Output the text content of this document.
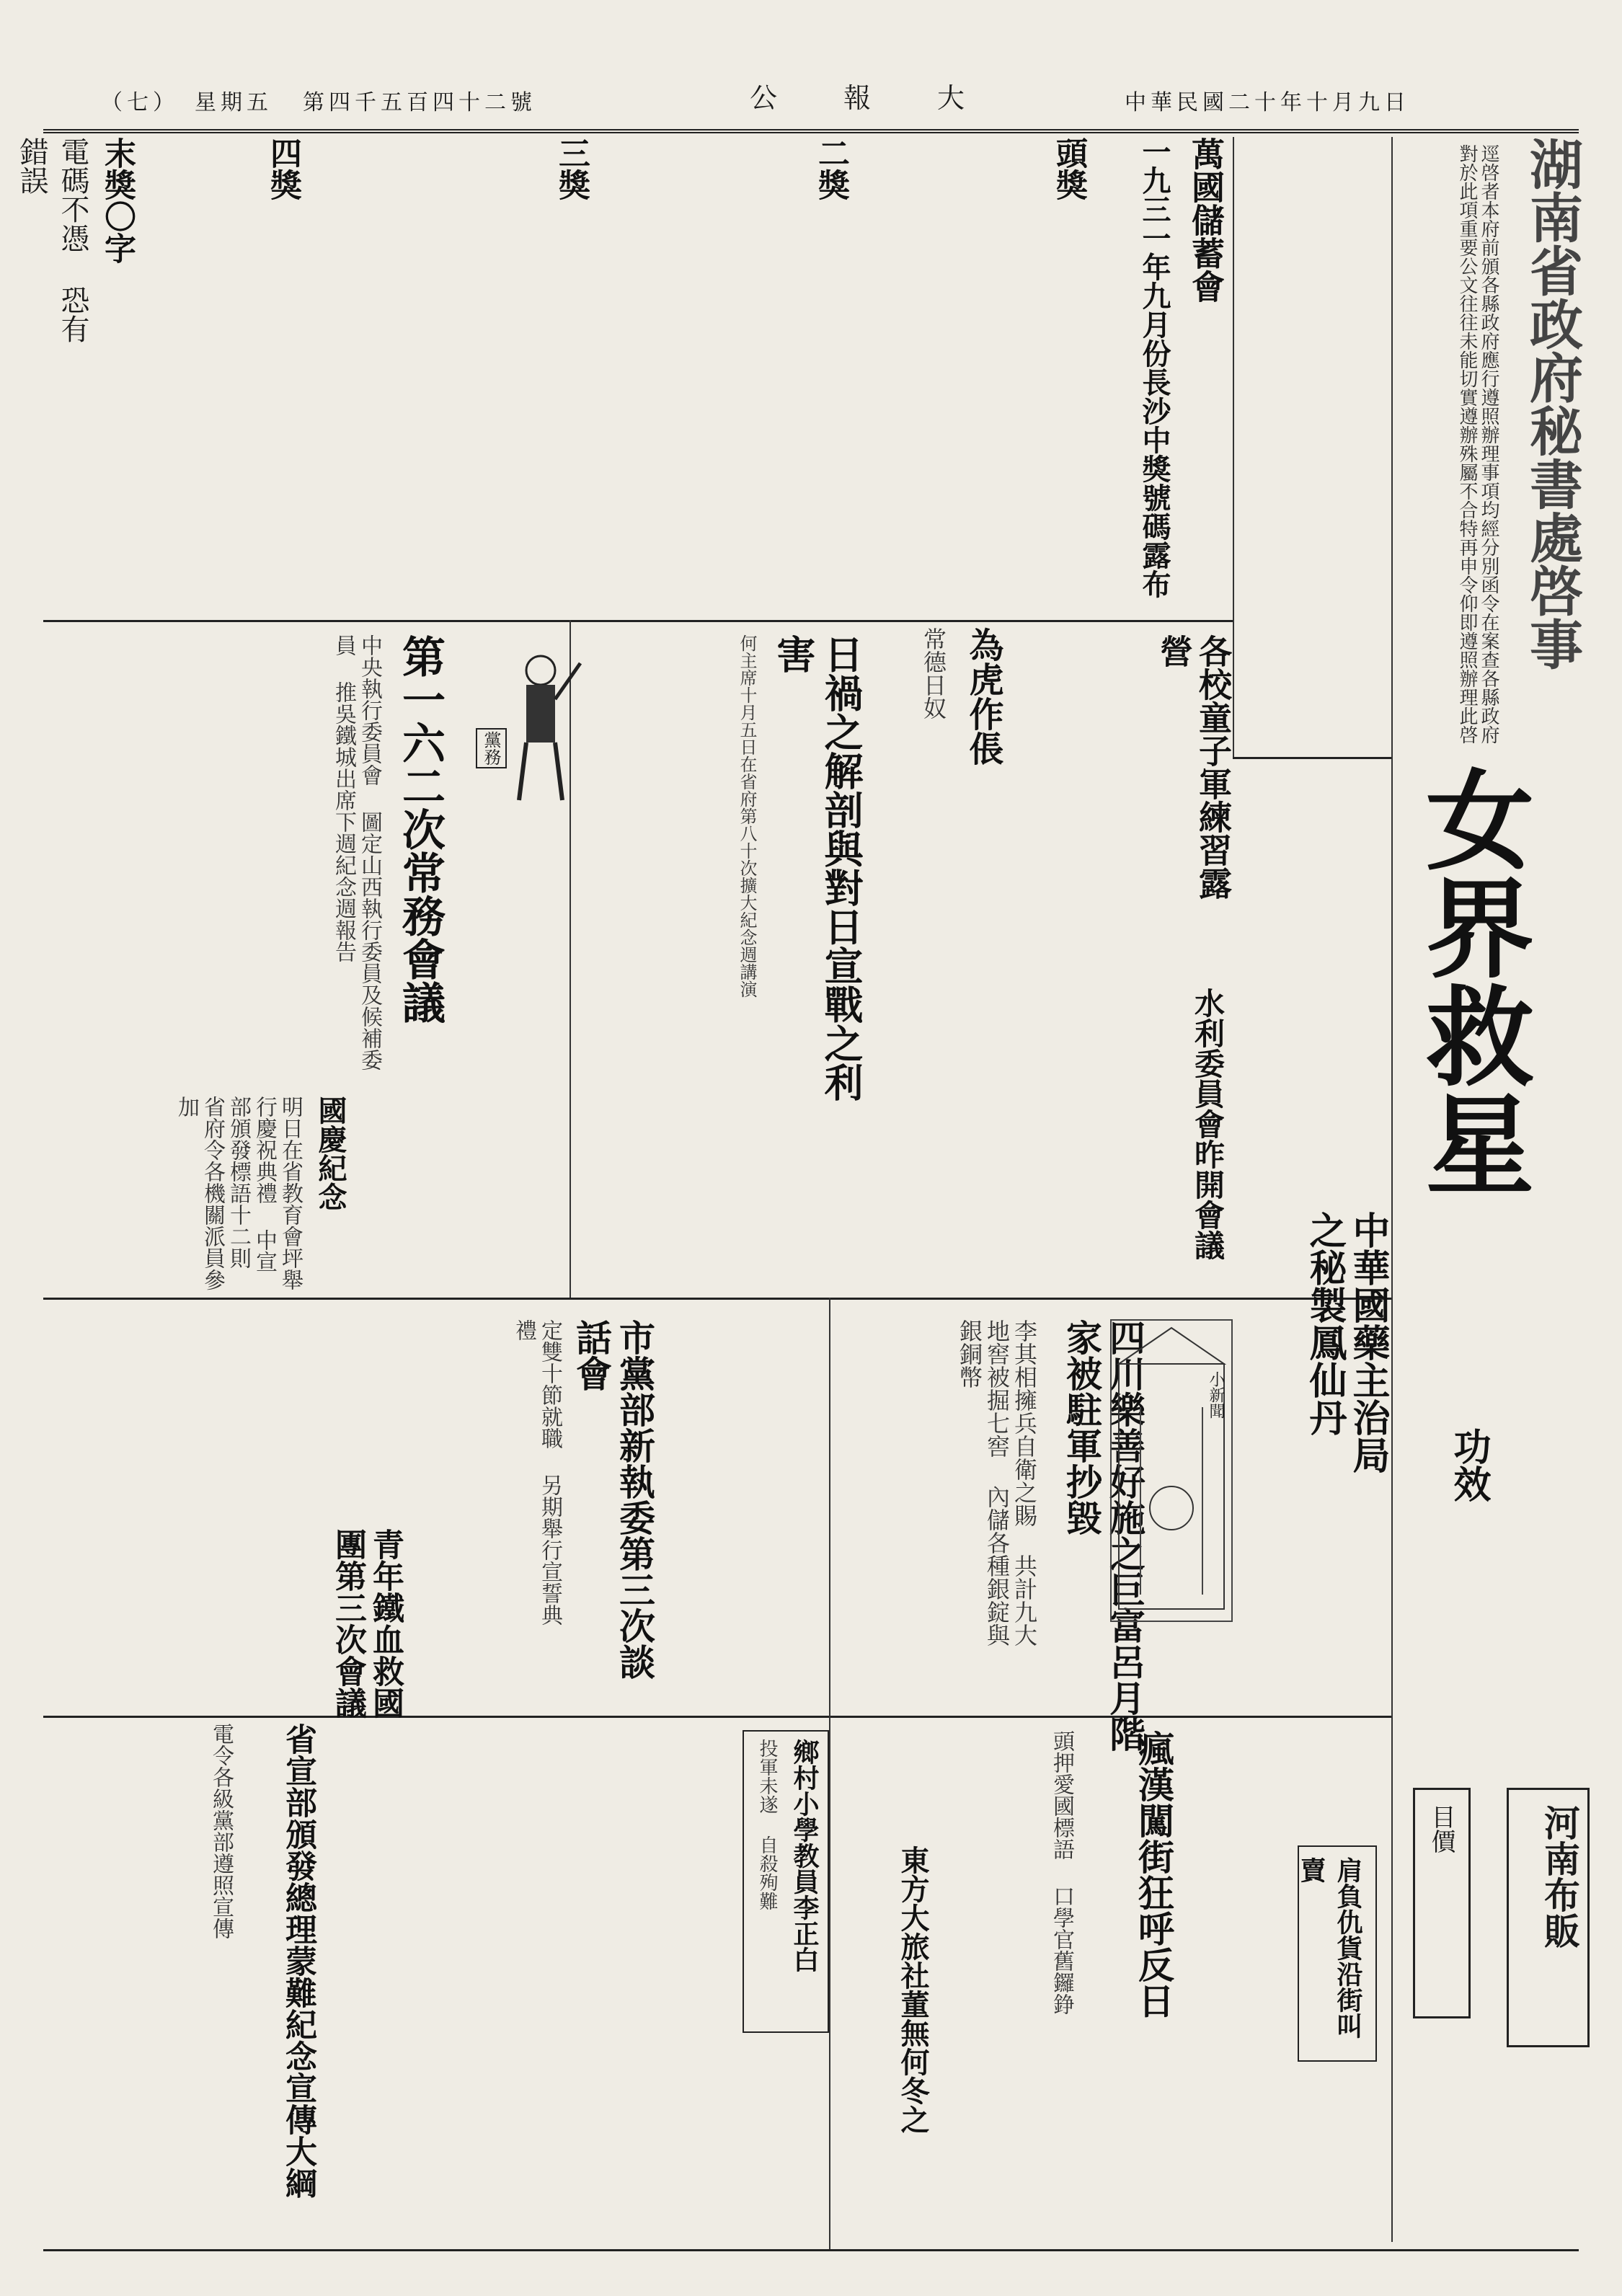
中華民國二十年十月九日
大
公 報
第四千五百四十二號
星期五
（七）
湖南省政府秘書處啓事
逕啓者本府前頒各縣政府應行遵照辦理事項均經分別函令在案查各縣政府對於此項重要公文往往未能切實遵辦殊屬不合特再申令仰即遵照辦理此啓
萬國儲蓄會
一九三一年九月份長沙中獎號碼露布
頭獎
二獎
三獎
四獎
末獎〇字
電碼不憑 恐有錯誤
日禍之解剖與對日宣戰之利害
何主席十月五日在省府第八十次擴大紀念週講演
第一六二次常務會議
中央執行委員會 圖定山西執行委員及候補委員 推吳鐵城出席下週紀念週報告	黨務
國慶紀念
明日在省教育會坪舉行慶祝典禮 中宣部頒發標語十二則 省府令各機關派員參加
各校童子軍練習露營
水利委員會昨開會議
四川樂善好施之巨富呂月階家被駐軍抄毀
李其相擁兵自衛之賜 共計九大地窖被掘七窖 內儲各種銀錠與銀銅幣
小新聞
市黨部新執委第三次談話會
定雙十節就職 另期舉行宣誓典禮
青年鐵血救國團第三次會議
鄉村小學教員李正白
投軍未遂 自殺殉難
省宣部頒發總理蒙難紀念宣傳大綱
電令各級黨部遵照宣傳	瘋漢闖街狂呼反日
頭押愛國標語 口學官舊鑼錚
東方大旅社董無何冬之
為虎作倀
常德日奴
肩負仇貨沿街叫賣
女界救星
之秘製鳳仙丹 中華國藥主治局 功效
河南布販
目價
